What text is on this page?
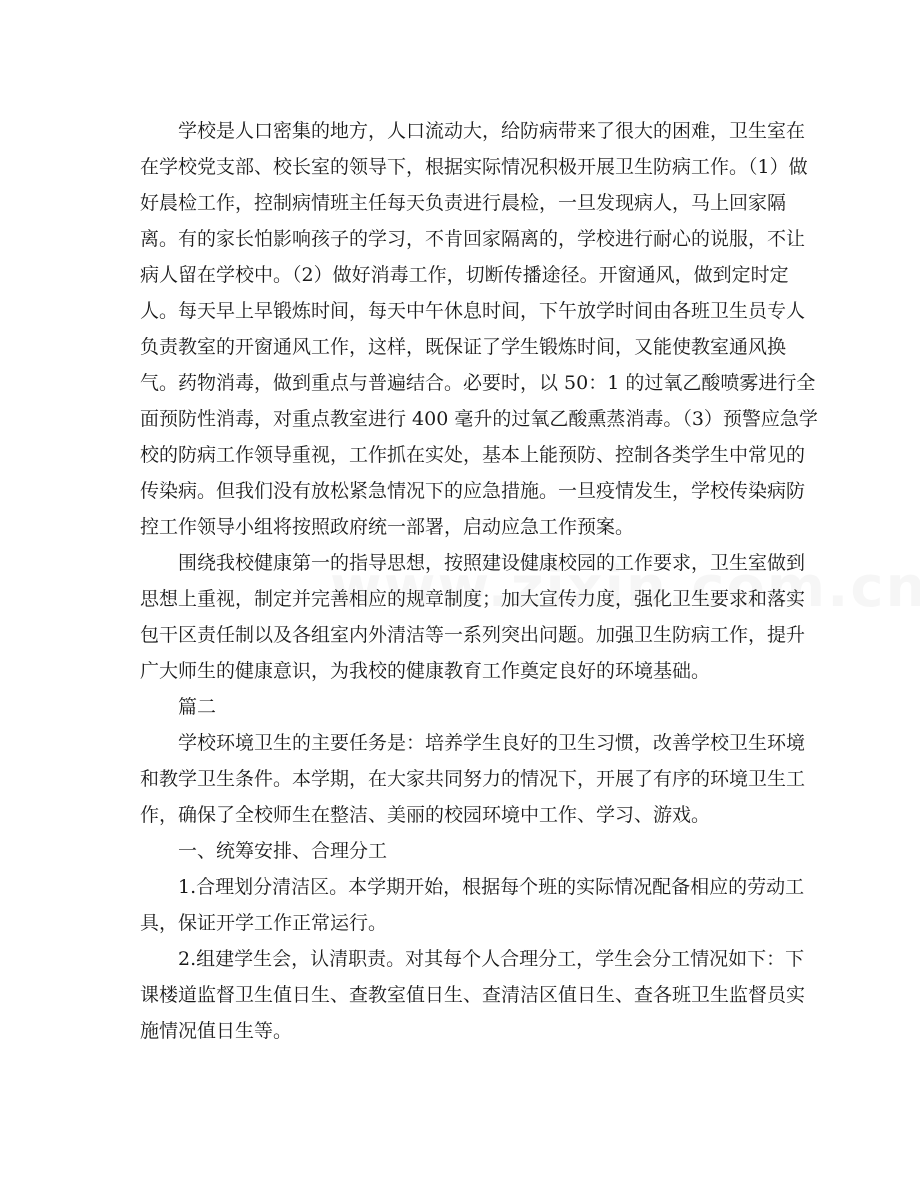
　　学校是人口密集的地方，人口流动大，给防病带来了很大的困难，卫生室在
在学校党支部、校长室的领导下，根据实际情况积极开展卫生防病工作。（1）做
好晨检工作，控制病情班主任每天负责进行晨检，一旦发现病人，马上回家隔
离。有的家长怕影响孩子的学习，不肯回家隔离的，学校进行耐心的说服，不让
病人留在学校中。（2）做好消毒工作，切断传播途径。开窗通风，做到定时定
人。每天早上早锻炼时间，每天中午休息时间，下午放学时间由各班卫生员专人
负责教室的开窗通风工作，这样，既保证了学生锻炼时间，又能使教室通风换
气。药物消毒，做到重点与普遍结合。必要时，以 50：1 的过氧乙酸喷雾进行全
面预防性消毒，对重点教室进行 400 毫升的过氧乙酸熏蒸消毒。（3）预警应急学
校的防病工作领导重视，工作抓在实处，基本上能预防、控制各类学生中常见的
传染病。但我们没有放松紧急情况下的应急措施。一旦疫情发生，学校传染病防
控工作领导小组将按照政府统一部署，启动应急工作预案。
　　围绕我校健康第一的指导思想，按照建设健康校园的工作要求，卫生室做到
思想上重视，制定并完善相应的规章制度；加大宣传力度，强化卫生要求和落实
包干区责任制以及各组室内外清洁等一系列突出问题。加强卫生防病工作，提升
广大师生的健康意识，为我校的健康教育工作奠定良好的环境基础。
　　篇二
　　学校环境卫生的主要任务是：培养学生良好的卫生习惯，改善学校卫生环境
和教学卫生条件。本学期，在大家共同努力的情况下，开展了有序的环境卫生工
作，确保了全校师生在整洁、美丽的校园环境中工作、学习、游戏。
　　一、统筹安排、合理分工
　　1.合理划分清洁区。本学期开始，根据每个班的实际情况配备相应的劳动工
具，保证开学工作正常运行。
　　2.组建学生会，认清职责。对其每个人合理分工，学生会分工情况如下：下
课楼道监督卫生值日生、查教室值日生、查清洁区值日生、查各班卫生监督员实
施情况值日生等。
